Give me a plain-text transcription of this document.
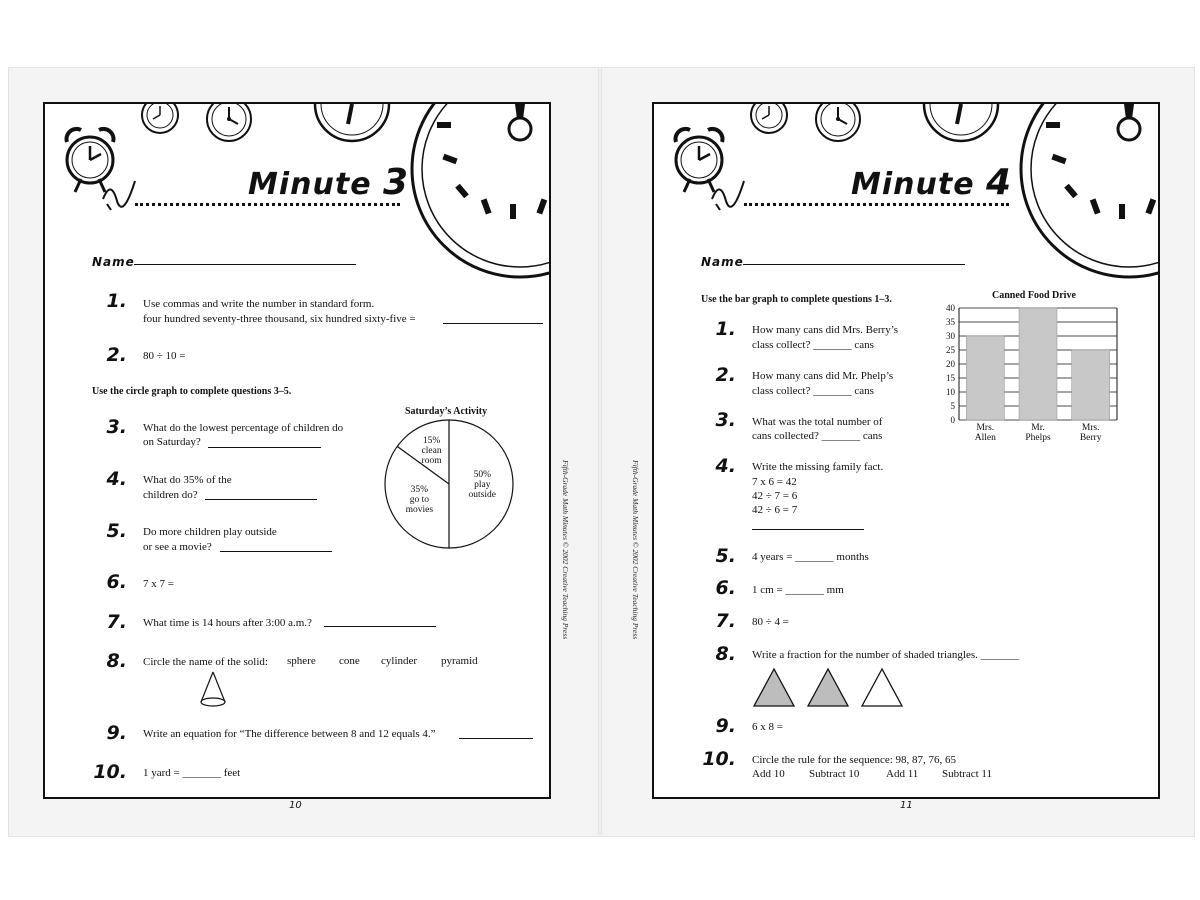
Minute 3
Name
1. Use commas and write the number in standard form.
four hundred seventy-three thousand, six hundred sixty-five =
2. 80 ÷ 10 =
Use the circle graph to complete questions 3–5.
3. What do the lowest percentage of children do
on Saturday?
4. What do 35% of the
children do?
5. Do more children play outside
or see a movie?
Saturday’s Activity
50%
play
outside
35%
go to
movies
15%
clean
room
6. 7 x 7 =
7. What time is 14 hours after 3:00 a.m.?
8. Circle the name of the solid: sphere cone cylinder pyramid
9. Write an equation for “The difference between 8 and 12 equals 4.”
10. 1 yard = _______ feet
10
Fifth-Grade Math Minutes © 2002 Creative Teaching Press
Minute 4
Name
Use the bar graph to complete questions 1–3.
1. How many cans did Mrs. Berry’s
class collect? _______ cans
2. How many cans did Mr. Phelp’s
class collect? _______ cans
3. What was the total number of
cans collected? _______ cans
Canned Food Drive
0
5
10
15
20
25
30
35
40
Mrs.
Allen
Mr.
Phelps
Mrs.
Berry
4. Write the missing family fact.
7 x 6 = 42
42 ÷ 7 = 6
42 ÷ 6 = 7
5. 4 years = _______ months
6. 1 cm = _______ mm
7. 80 ÷ 4 =
8. Write a fraction for the number of shaded triangles. _______
9. 6 x 8 =
10. Circle the rule for the sequence: 98, 87, 76, 65
Add 10 Subtract 10 Add 11 Subtract 11
11
Fifth-Grade Math Minutes © 2002 Creative Teaching Press
